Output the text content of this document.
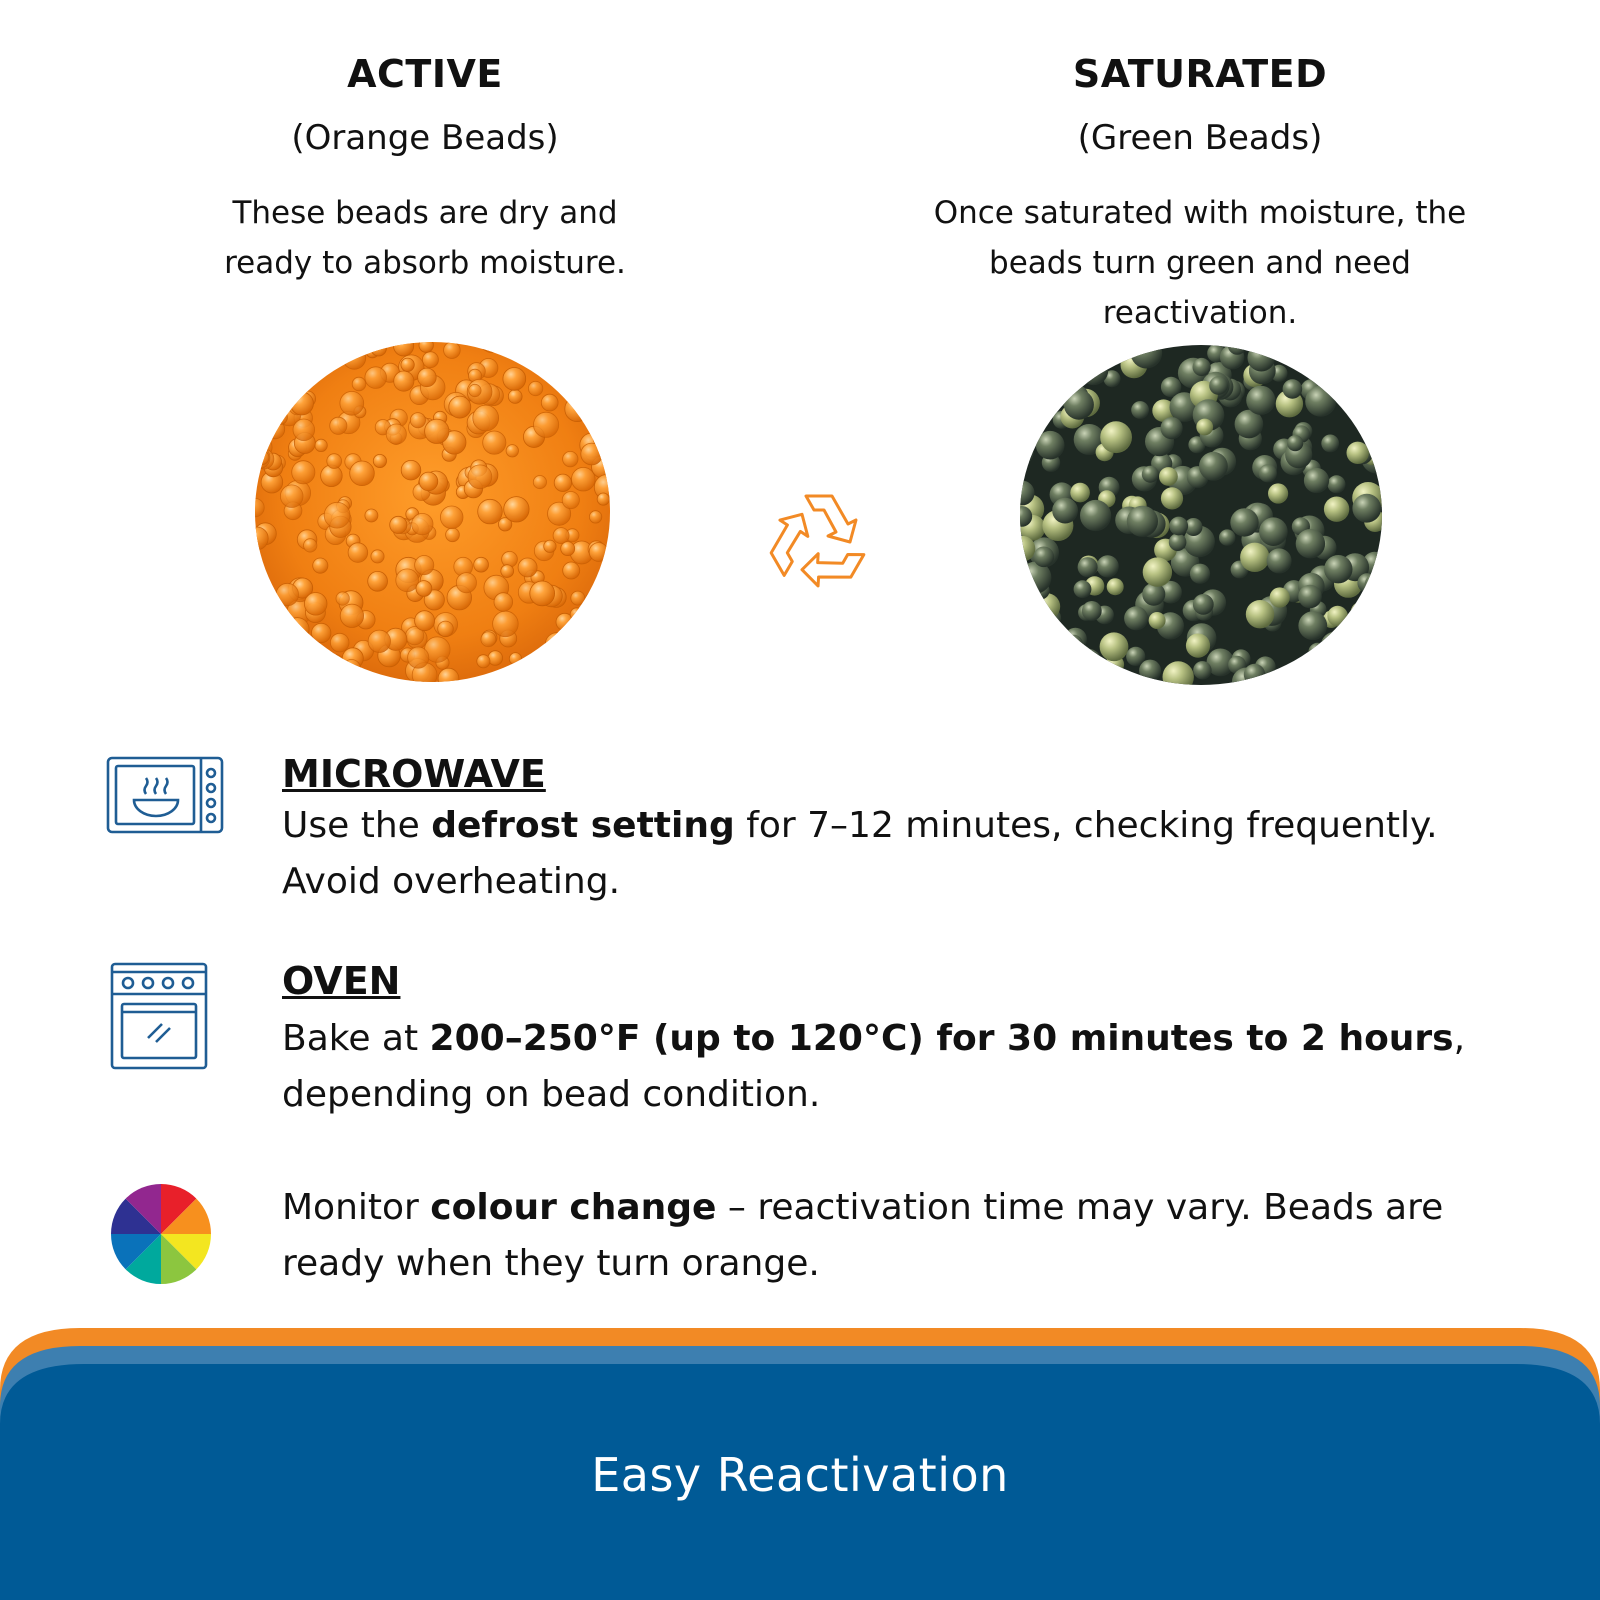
ACTIVE

(Orange Beads)

These beads are dry and ready to absorb moisture.

SATURATED

(Green Beads)

Once saturated with moisture, the beads turn green and need reactivation.

MICROWAVE

Use the defrost setting for 7–12 minutes, checking frequently. Avoid overheating.

OVEN

Bake at 200–250°F (up to 120°C) for 30 minutes to 2 hours, depending on bead condition.

Monitor colour change – reactivation time may vary. Beads are ready when they turn orange.

Easy Reactivation
